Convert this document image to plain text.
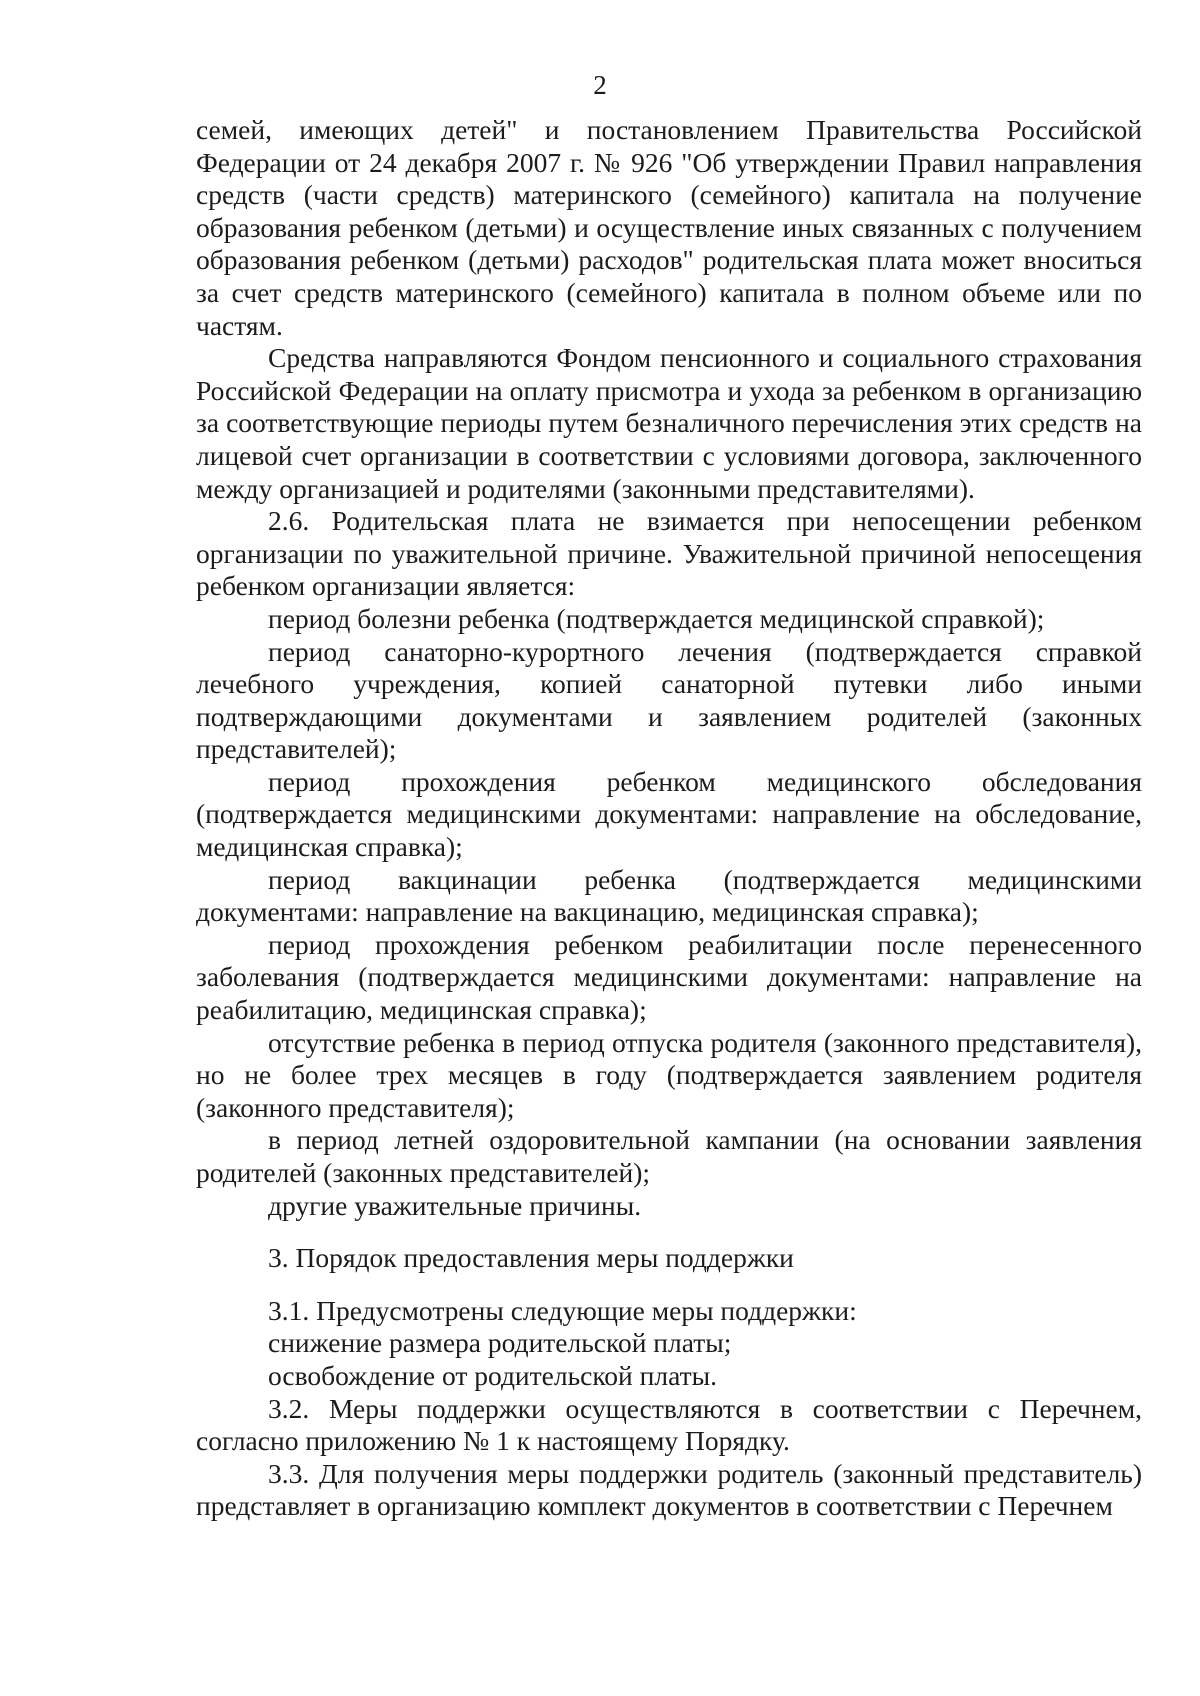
2

семей, имеющих детей" и постановлением Правительства Российской Федерации от 24 декабря 2007 г. № 926 "Об утверждении Правил направления средств (части средств) материнского (семейного) капитала на получение образования ребенком (детьми) и осуществление иных связанных с получением образования ребенком (детьми) расходов" родительская плата может вноситься за счет средств материнского (семейного) капитала в полном объеме или по частям.

Средства направляются Фондом пенсионного и социального страхования Российской Федерации на оплату присмотра и ухода за ребенком в организацию за соответствующие периоды путем безналичного перечисления этих средств на лицевой счет организации в соответствии с условиями договора, заключенного между организацией и родителями (законными представителями).

2.6. Родительская плата не взимается при непосещении ребенком организации по уважительной причине. Уважительной причиной непосещения ребенком организации является:

период болезни ребенка (подтверждается медицинской справкой);

период санаторно-курортного лечения (подтверждается справкой лечебного учреждения, копией санаторной путевки либо иными подтверждающими документами и заявлением родителей (законных представителей);

период прохождения ребенком медицинского обследования (подтверждается медицинскими документами: направление на обследование, медицинская справка);

период вакцинации ребенка (подтверждается медицинскими документами: направление на вакцинацию, медицинская справка);

период прохождения ребенком реабилитации после перенесенного заболевания (подтверждается медицинскими документами: направление на реабилитацию, медицинская справка);

отсутствие ребенка в период отпуска родителя (законного представителя), но не более трех месяцев в году (подтверждается заявлением родителя (законного представителя);

в период летней оздоровительной кампании (на основании заявления родителей (законных представителей);

другие уважительные причины.

3. Порядок предоставления меры поддержки

3.1. Предусмотрены следующие меры поддержки:

снижение размера родительской платы;

освобождение от родительской платы.

3.2. Меры поддержки осуществляются в соответствии с Перечнем, согласно приложению № 1 к настоящему Порядку.

3.3. Для получения меры поддержки родитель (законный представитель) представляет в организацию комплект документов в соответствии с Перечнем
